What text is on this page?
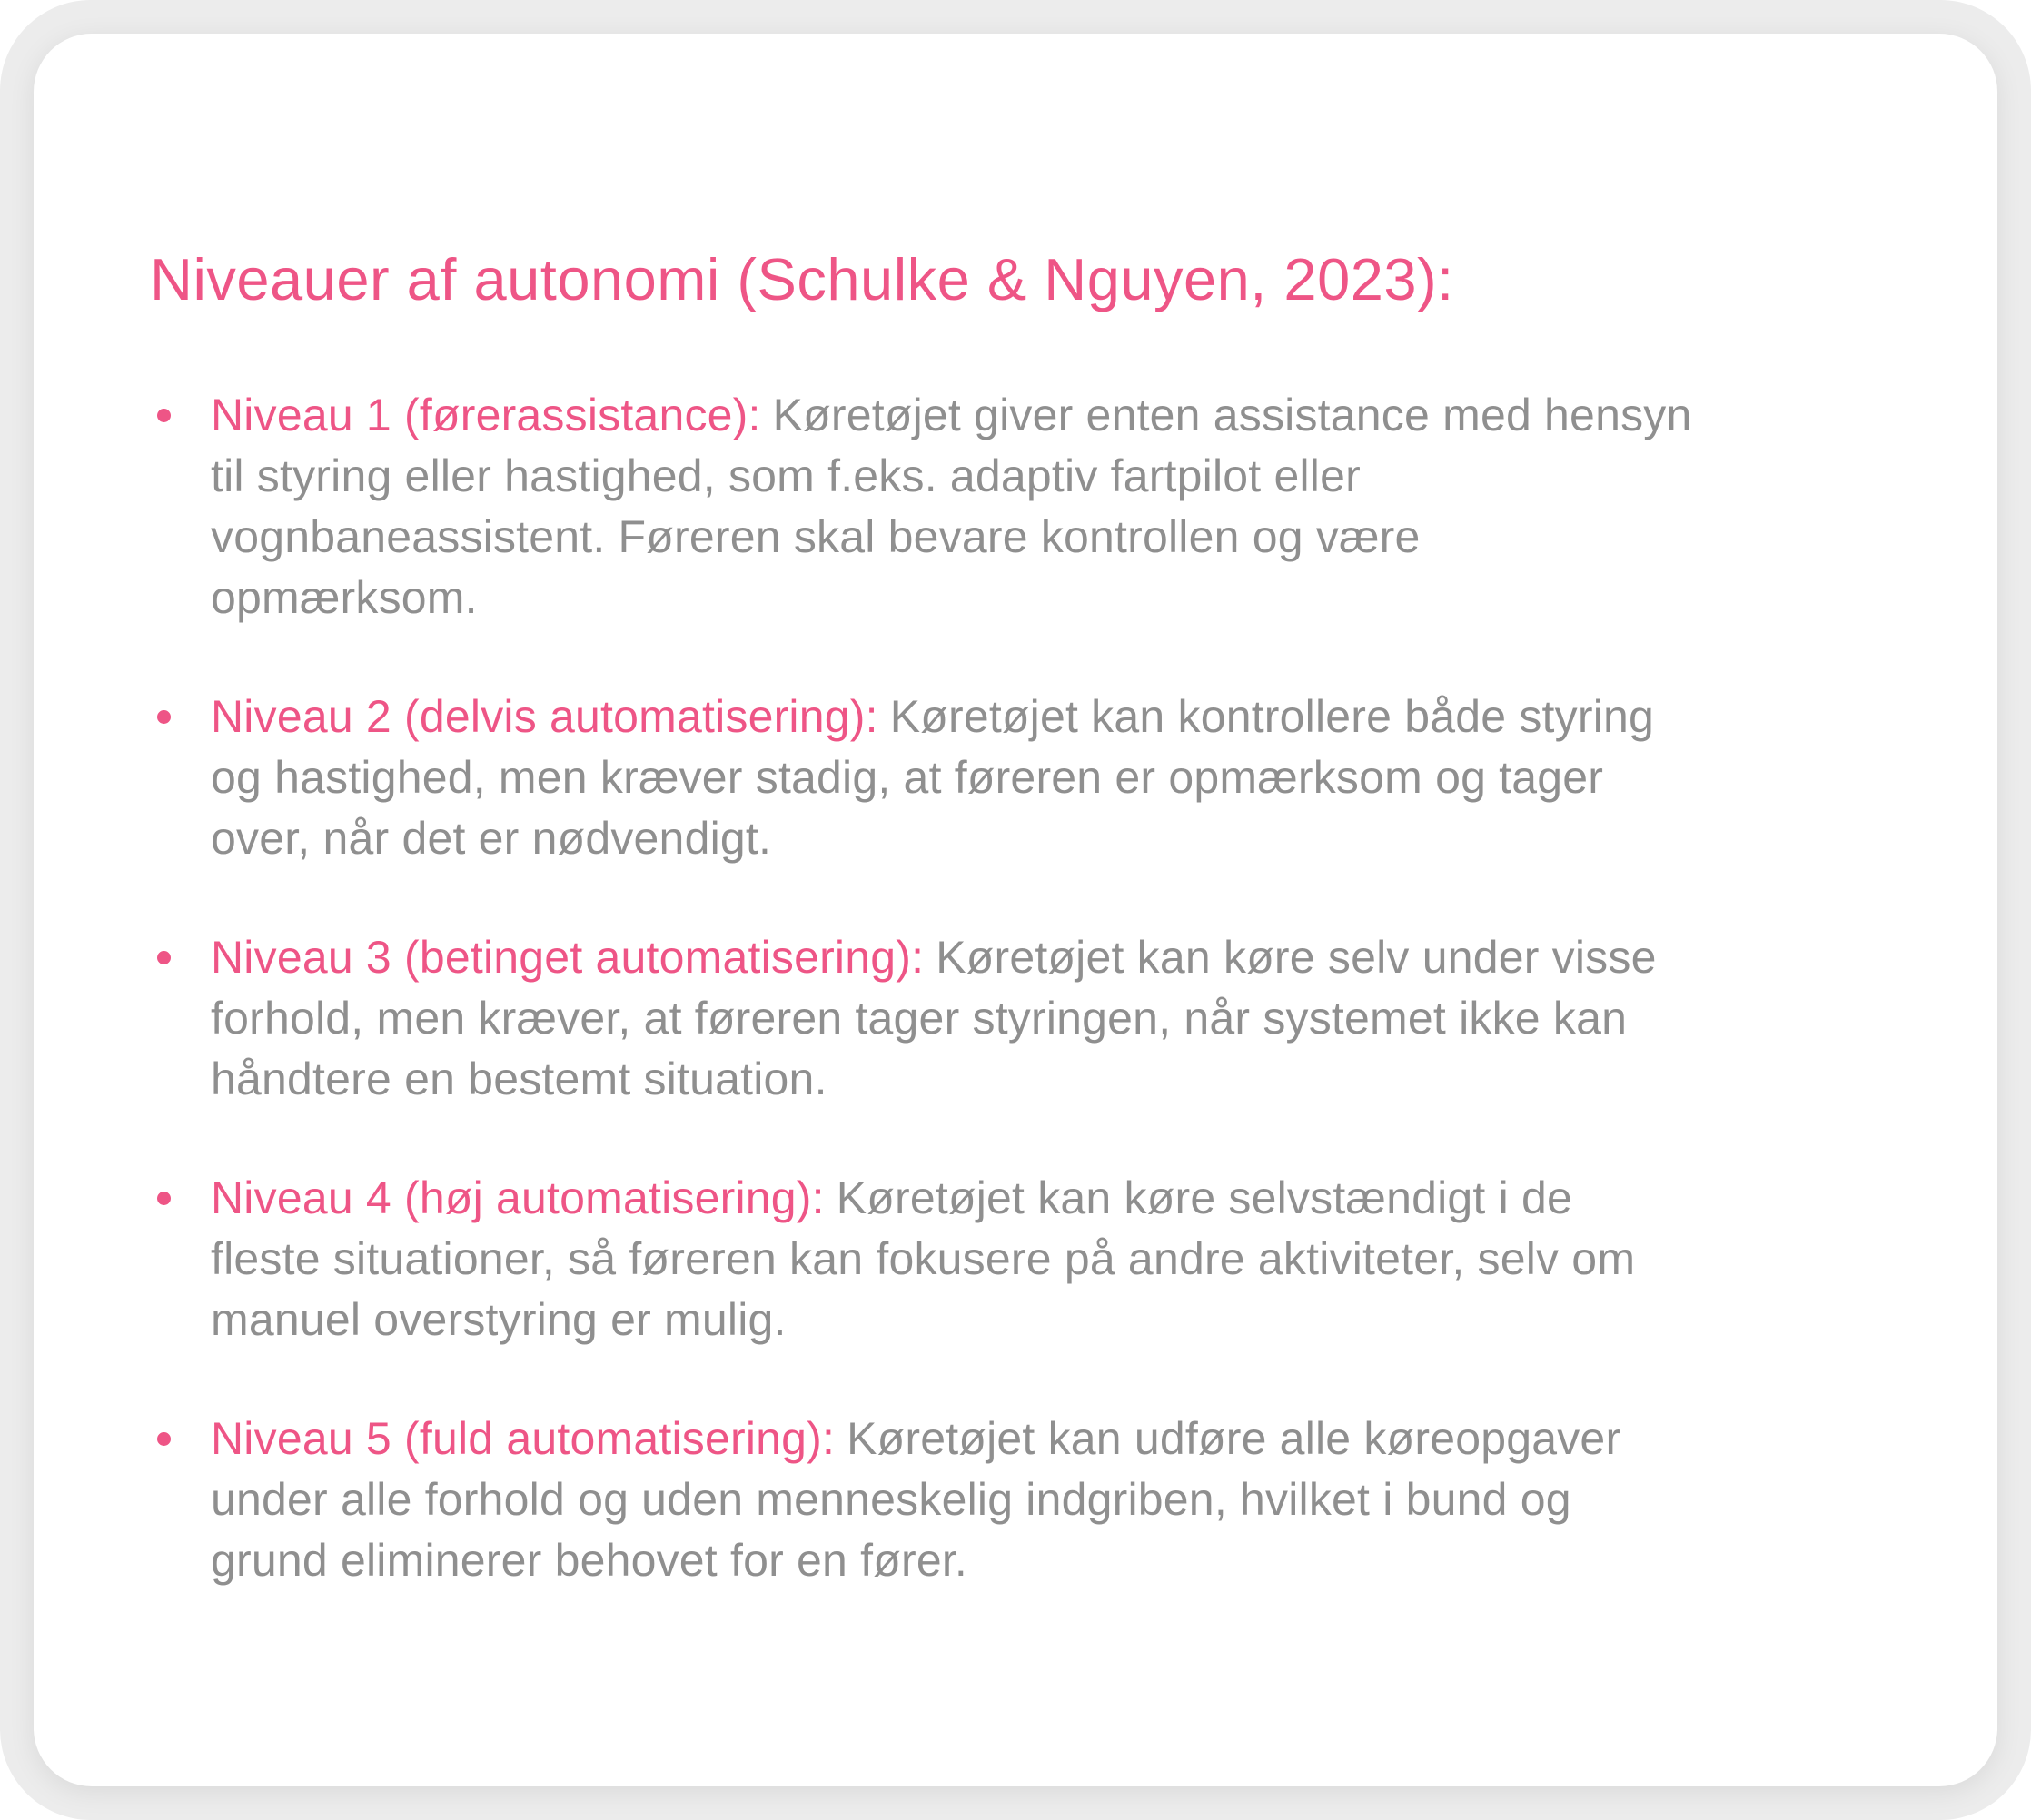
Niveauer af autonomi (Schulke & Nguyen, 2023):
Niveau 1 (førerassistance): Køretøjet giver enten assistance med hensyn til styring eller hastighed, som f.eks. adaptiv fartpilot eller vognbaneassistent. Føreren skal bevare kontrollen og være opmærksom.
Niveau 2 (delvis automatisering): Køretøjet kan kontrollere både styring og hastighed, men kræver stadig, at føreren er opmærksom og tager over, når det er nødvendigt.
Niveau 3 (betinget automatisering): Køretøjet kan køre selv under visse forhold, men kræver, at føreren tager styringen, når systemet ikke kan håndtere en bestemt situation.
Niveau 4 (høj automatisering): Køretøjet kan køre selvstændigt i de fleste situationer, så føreren kan fokusere på andre aktiviteter, selv om manuel overstyring er mulig.
Niveau 5 (fuld automatisering): Køretøjet kan udføre alle køreopgaver under alle forhold og uden menneskelig indgriben, hvilket i bund og grund eliminerer behovet for en fører.
